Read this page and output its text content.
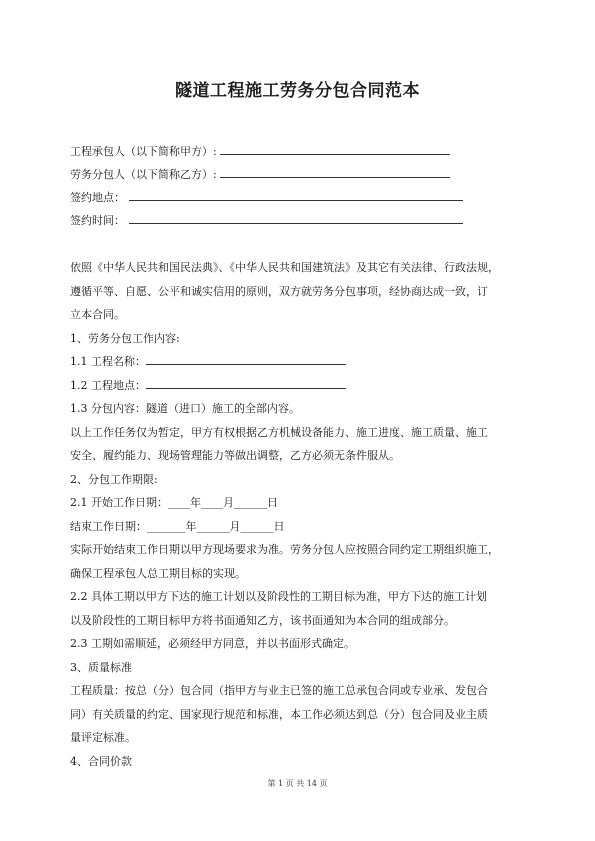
隧道工程施工劳务分包合同范本
工程承包人（以下简称甲方）:
劳务分包人（以下简称乙方）:
签约地点：
签约时间：
依照《中华人民共和国民法典》、《中华人民共和国建筑法》及其它有关法律、行政法规，
遵循平等、自愿、公平和诚实信用的原则，双方就劳务分包事项，经协商达成一致，订
立本合同。
1、劳务分包工作内容:
1.1 工程名称：
1.2 工程地点：
1.3 分包内容：隧道（进口）施工的全部内容。
以上工作任务仅为暂定，甲方有权根据乙方机械设备能力、施工进度、施工质量、施工
安全、履约能力、现场管理能力等做出调整，乙方必须无条件服从。
2、分包工作期限:
2.1 开始工作日期：____年____月______日
结束工作日期：_______年______月______日
实际开始结束工作日期以甲方现场要求为准。劳务分包人应按照合同约定工期组织施工，
确保工程承包人总工期目标的实现。
2.2 具体工期以甲方下达的施工计划以及阶段性的工期目标为准，甲方下达的施工计划
以及阶段性的工期目标甲方将书面通知乙方，该书面通知为本合同的组成部分。
2.3 工期如需顺延，必须经甲方同意，并以书面形式确定。
3、质量标准
工程质量：按总（分）包合同（指甲方与业主已签的施工总承包合同或专业承、发包合
同）有关质量的约定、国家现行规范和标准，本工作必须达到总（分）包合同及业主质
量评定标准。
4、合同价款
第 1 页 共 14 页
